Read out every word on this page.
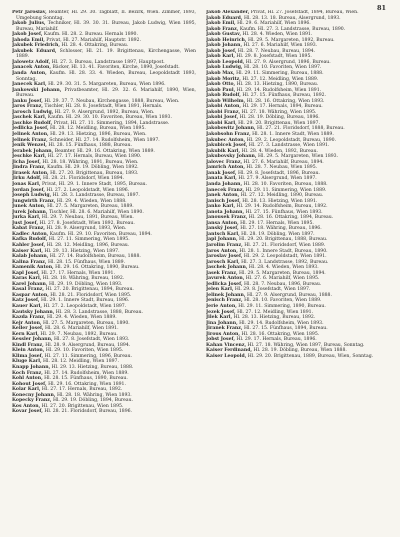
81

Petr Jaroslav, Beamter, Hl. 29. 30. Tagblatt, II. Bezirk, Wien. Zimmer, 1893, Umgebung Sonntag.

Jakob Julius, Techniker, Hl. 39. 30. 31. Bureau, Jakob Ludwig, Wien 1895, Bureau, Mariahilf.

Jakob Josef, Kaufm. Hl. 28. 2. Bureau. Hernals 1890.

Jahoda Emil, Privat, Hl. 27. Mariahilf, Hauptstr. 1892.

Jakubek Friedrich, Hl. 28. 4. Ottakring, Bureau.

Jakubek Eduard, Schlosser, Hl. 21. 19. Brigittenau, Kirchengasse, Wien 1889.

Jalowetz Adolf, Hl. 27. 3. Bureau, Landstrasse 1897, Hauptpost.

Janacek Anton, Bäcker, Hl. 13. 41. Favoriten, Kirche, 1890, Josefstadt.

Janda Anton, Kaufm. Hl. 28. 33. 4. Wieden, Bureau, Leopoldstadt 1893, Sonntag.

Janecek Karl, Hl. 29. 30. 31. 5. Margareten, Bureau, Wien 1896.

Jankowski Johann, Privatbeamter, Hl. 29. 32. 6. Mariahilf, 1890, Wien, Bureau.

Janku Josef, Hl. 29. 37. 7. Neubau, Kirchengasse, 1888, Bureau, Wien.

Jaros Franz, Tischler, Hl. 28. 8. Josefstadt, Wien 1891, Hernals.

Jarosch Ludwig, Hl. 27. 9. Alsergrund, 1892, Bureau, Wien.

Jaschek Karl, Kaufm. Hl. 29. 30. 10. Favoriten, Bureau, Wien 1893.

Jaschke Rudolf, Privat, Hl. 27. 11. Simmering, 1894, Landstrasse.

Jedlicka Josef, Hl. 28. 12. Meidling, Bureau, Wien 1895.

Jelinek Anton, Hl. 29. 13. Hietzing, 1896, Bureau, Wien.

Jelinek Franz, Schneider, Hl. 27. 14. Rudolfsheim, Wien 1897.

Jenik Wenzel, Hl. 28. 15. Fünfhaus, 1888, Bureau.

Jerabek Johann, Beamter, Hl. 29. 16. Ottakring, Wien 1889.

Jeschke Karl, Hl. 27. 17. Hernals, Bureau, Wien 1890.

Jicha Josef, Hl. 28. 18. Währing, 1891, Bureau, Wien.

Jindra Franz, Kaufm. Hl. 29. 19. Döbling, Wien 1892.

Jirasek Anton, Hl. 27. 20. Brigittenau, Bureau, 1893.

Jirku Adolf, Hl. 28. 21. Floridsdorf, Wien 1894.

Jonas Karl, Privat, Hl. 29. 1. Innere Stadt, 1895, Bureau.

Jordan Josef, Hl. 27. 2. Leopoldstadt, Wien 1896.

Joseph Ludwig, Hl. 28. 3. Landstrasse, Bureau, 1897.

Jungwirth Franz, Hl. 29. 4. Wieden, Wien 1888.

Junek Anton, Hl. 27. 5. Margareten, Bureau, 1889.

Jurek Johann, Tischler, Hl. 28. 6. Mariahilf, Wien 1890.

Jurka Karl, Hl. 29. 7. Neubau, 1891, Bureau, Wien.

Just Josef, Hl. 27. 8. Josefstadt, Wien 1892, Bureau.

Kabat Franz, Hl. 28. 9. Alsergrund, 1893, Wien.

Kadlec Anton, Kaufm. Hl. 29. 10. Favoriten, Bureau, 1894.

Kafka Rudolf, Hl. 27. 11. Simmering, Wien 1895.

Kahler Josef, Hl. 28. 12. Meidling, 1896, Bureau.

Kaiser Karl, Hl. 29. 13. Hietzing, Wien 1897.

Kalab Johann, Hl. 27. 14. Rudolfsheim, Bureau, 1888.

Kalina Franz, Hl. 28. 15. Fünfhaus, Wien 1889.

Kamenik Anton, Hl. 29. 16. Ottakring, 1890, Bureau.

Kapl Josef, Hl. 27. 17. Hernals, Wien 1891.

Karas Karl, Hl. 28. 18. Währing, Bureau, 1892.

Karel Johann, Hl. 29. 19. Döbling, Wien 1893.

Kasal Franz, Hl. 27. 20. Brigittenau, 1894, Bureau.

Kaspar Anton, Hl. 28. 21. Floridsdorf, Wien 1895.

Katz Josef, Hl. 29. 1. Innere Stadt, Bureau, 1896.

Kauer Karl, Hl. 27. 2. Leopoldstadt, Wien 1897.

Kautsky Johann, Hl. 28. 3. Landstrasse, 1888, Bureau.

Kazda Franz, Hl. 29. 4. Wieden, Wien 1889.

Kejr Anton, Hl. 27. 5. Margareten, Bureau, 1890.

Keller Josef, Hl. 28. 6. Mariahilf, Wien 1891.

Kern Karl, Hl. 29. 7. Neubau, 1892, Bureau.

Kessler Johann, Hl. 27. 8. Josefstadt, Wien 1893.

Kindl Franz, Hl. 28. 9. Alsergrund, Bureau, 1894.

Klein Anton, Hl. 29. 10. Favoriten, Wien 1895.

Klima Josef, Hl. 27. 11. Simmering, 1896, Bureau.

Kluge Karl, Hl. 28. 12. Meidling, Wien 1897.

Knapp Johann, Hl. 29. 13. Hietzing, Bureau, 1888.

Koch Franz, Hl. 27. 14. Rudolfsheim, Wien 1889.

Kohl Anton, Hl. 28. 15. Fünfhaus, 1890, Bureau.

Kohout Josef, Hl. 29. 16. Ottakring, Wien 1891.

Kolar Karl, Hl. 27. 17. Hernals, Bureau, 1892.

Konecny Johann, Hl. 28. 18. Währing, Wien 1893.

Kopecky Franz, Hl. 29. 19. Döbling, 1894, Bureau.

Kos Anton, Hl. 27. 20. Brigittenau, Wien 1895.

Kovar Josef, Hl. 28. 21. Floridsdorf, Bureau, 1896.

Jakob Alexander, Privat, Hl. 27. Josefstadt, 1894, Bureau, Wien.

Jakob Eduard, Hl. 28. 13. 18. Bureau, Alsergrund, 1893.

Jakob Emil, Hl. 29. 6. Mariahilf, Wien 1896.

Jakob Franz, Kaufm. Hl. 27. 3. Landstrasse, Bureau, 1890.

Jakob Gustav, Hl. 28. 4. Wieden, Wien 1891.

Jakob Heinrich, Hl. 29. 5. Margareten, 1892, Bureau.

Jakob Johann, Hl. 27. 6. Mariahilf, Wien 1893.

Jakob Josef, Hl. 28. 7. Neubau, Bureau, 1894.

Jakob Karl, Hl. 29. 8. Josefstadt, Wien 1895.

Jakob Leopold, Hl. 27. 9. Alsergrund, 1896, Bureau.

Jakob Ludwig, Hl. 28. 10. Favoriten, Wien 1897.

Jakob Max, Hl. 29. 11. Simmering, Bureau, 1888.

Jakob Moritz, Hl. 27. 12. Meidling, Wien 1889.

Jakob Otto, Hl. 28. 13. Hietzing, 1890, Bureau.

Jakob Paul, Hl. 29. 14. Rudolfsheim, Wien 1891.

Jakob Rudolf, Hl. 27. 15. Fünfhaus, Bureau, 1892.

Jakob Wilhelm, Hl. 28. 16. Ottakring, Wien 1893.

Jakobi Anton, Hl. 29. 17. Hernals, 1894, Bureau.

Jakobi Franz, Hl. 27. 18. Währing, Wien 1895.

Jakobi Josef, Hl. 28. 19. Döbling, Bureau, 1896.

Jakobi Karl, Hl. 29. 20. Brigittenau, Wien 1897.

Jakobowitz Johann, Hl. 27. 21. Floridsdorf, 1888, Bureau.

Jakobsohn Franz, Hl. 28. 1. Innere Stadt, Wien 1889.

Jakubec Anton, Hl. 29. 2. Leopoldstadt, Bureau, 1890.

Jakubicek Josef, Hl. 27. 3. Landstrasse, Wien 1891.

Jakubik Karl, Hl. 28. 4. Wieden, 1892, Bureau.

Jakubovsky Johann, Hl. 29. 5. Margareten, Wien 1893.

Jalovec Franz, Hl. 27. 6. Mariahilf, Bureau, 1894.

Jamrich Anton, Hl. 28. 7. Neubau, Wien 1895.

Janak Josef, Hl. 29. 8. Josefstadt, 1896, Bureau.

Janata Karl, Hl. 27. 9. Alsergrund, Wien 1897.

Janda Johann, Hl. 28. 10. Favoriten, Bureau, 1888.

Janecek Franz, Hl. 29. 11. Simmering, Wien 1889.

Janek Anton, Hl. 27. 12. Meidling, 1890, Bureau.

Janisch Josef, Hl. 28. 13. Hietzing, Wien 1891.

Janko Karl, Hl. 29. 14. Rudolfsheim, Bureau, 1892.

Janota Johann, Hl. 27. 15. Fünfhaus, Wien 1893.

Janousek Franz, Hl. 28. 16. Ottakring, 1894, Bureau.

Jansa Anton, Hl. 29. 17. Hernals, Wien 1895.

Janský Josef, Hl. 27. 18. Währing, Bureau, 1896.

Jantsch Karl, Hl. 28. 19. Döbling, Wien 1897.

Japl Johann, Hl. 29. 20. Brigittenau, 1888, Bureau.

Jarolim Franz, Hl. 27. 21. Floridsdorf, Wien 1889.

Jaros Anton, Hl. 28. 1. Innere Stadt, Bureau, 1890.

Jaroslav Josef, Hl. 29. 2. Leopoldstadt, Wien 1891.

Jarosch Karl, Hl. 27. 3. Landstrasse, 1892, Bureau.

Jaschek Johann, Hl. 28. 4. Wieden, Wien 1893.

Jasek Franz, Hl. 29. 5. Margareten, Bureau, 1894.

Javurek Anton, Hl. 27. 6. Mariahilf, Wien 1895.

Jedlicka Josef, Hl. 28. 7. Neubau, 1896, Bureau.

Jelen Karl, Hl. 29. 8. Josefstadt, Wien 1897.

Jelinek Johann, Hl. 27. 9. Alsergrund, Bureau, 1888.

Jenisch Franz, Hl. 28. 10. Favoriten, Wien 1889.

Jerie Anton, Hl. 29. 11. Simmering, 1890, Bureau.

Jezek Josef, Hl. 27. 12. Meidling, Wien 1891.

Jilek Karl, Hl. 28. 13. Hietzing, Bureau, 1892.

Jina Johann, Hl. 29. 14. Rudolfsheim, Wien 1893.

Jiranek Franz, Hl. 27. 15. Fünfhaus, 1894, Bureau.

Jirous Anton, Hl. 28. 16. Ottakring, Wien 1895.

Jobst Josef, Hl. 29. 17. Hernals, Bureau, 1896.

Kahan Vincenz, Hl. 27. 18. Währing, Wien 1897, Bureau, Sonntag.

Kaiser Ferdinand, Hl. 28. 19. Döbling, Bureau, Wien 1888.

Kaiser Leopold, Hl. 29. 20. Brigittenau, 1889, Bureau, Wien, Sonntag.
